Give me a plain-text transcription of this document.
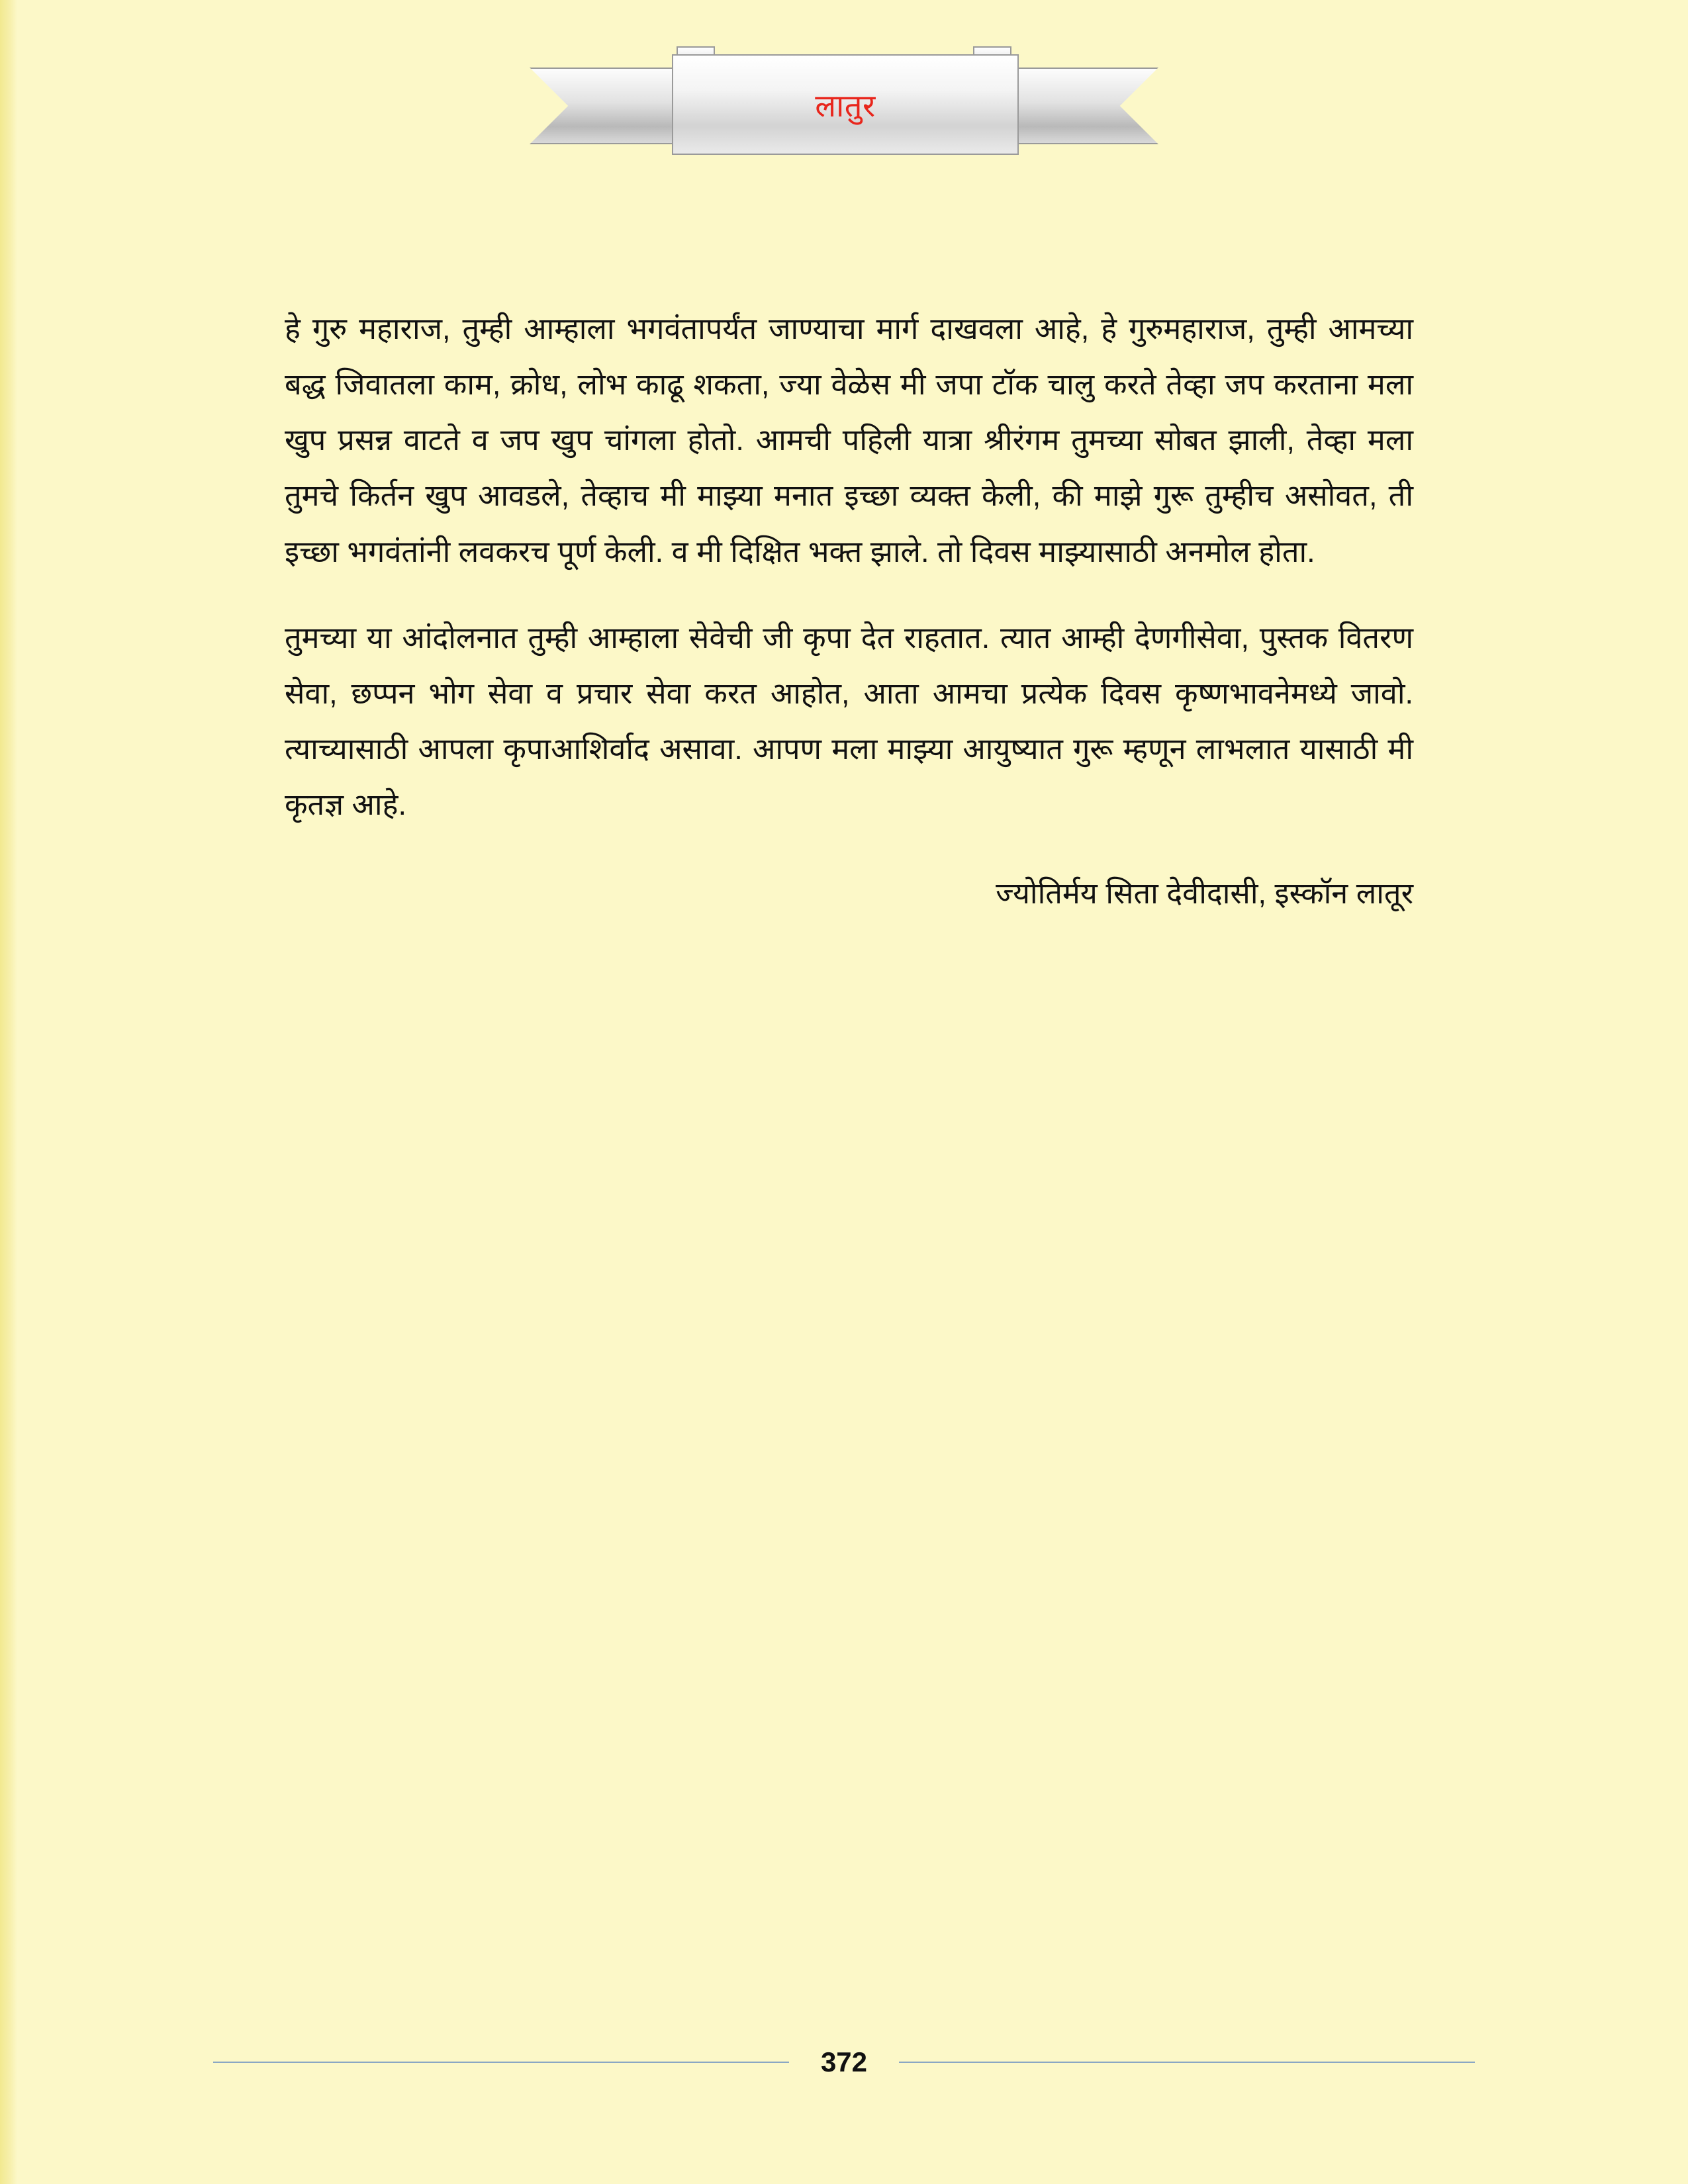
लातुर

हे गुरु महाराज, तुम्ही आम्हाला भगवंतापर्यंत जाण्याचा मार्ग दाखवला आहे, हे गुरुमहाराज, तुम्ही आमच्या बद्ध जिवातला काम, क्रोध, लोभ काढू शकता, ज्या वेळेस मी जपा टॉक चालु करते तेव्हा जप करताना मला खुप प्रसन्न वाटते व जप खुप चांगला होतो. आमची पहिली यात्रा श्रीरंगम तुमच्या सोबत झाली, तेव्हा मला तुमचे किर्तन खुप आवडले, तेव्हाच मी माझ्या मनात इच्छा व्यक्त केली, की माझे गुरू तुम्हीच असोवत, ती इच्छा भगवंतांनी लवकरच पूर्ण केली. व मी दिक्षित भक्त झाले. तो दिवस माझ्यासाठी अनमोल होता.

तुमच्या या आंदोलनात तुम्ही आम्हाला सेवेची जी कृपा देत राहतात. त्यात आम्ही देणगीसेवा, पुस्तक वितरण सेवा, छप्पन भोग सेवा व प्रचार सेवा करत आहोत, आता आमचा प्रत्येक दिवस कृष्णभावनेमध्ये जावो. त्याच्यासाठी आपला कृपाआशिर्वाद असावा. आपण मला माझ्या आयुष्यात गुरू म्हणून लाभलात यासाठी मी कृतज्ञ आहे.

ज्योतिर्मय सिता देवीदासी, इस्कॉन लातूर
372
